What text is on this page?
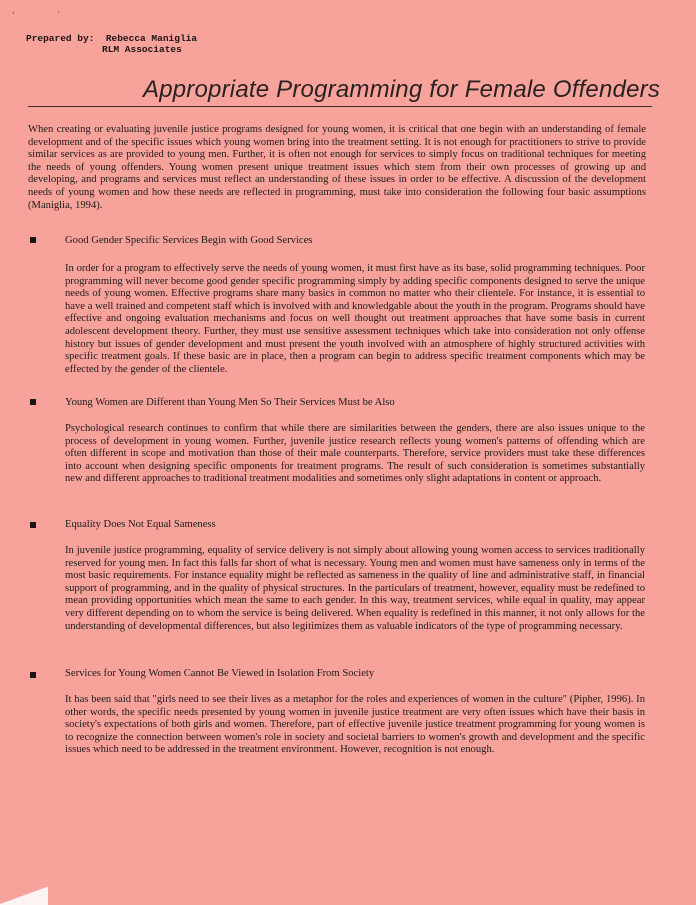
‘	'
Prepared by: Rebecca Maniglia
RLM Associates
Appropriate Programming for Female Offenders
When creating or evaluating juvenile justice programs designed for young women, it is critical that one begin with an understanding of female development and of the specific issues which young women bring into the treatment setting. It is not enough for practitioners to strive to provide similar services as are provided to young men. Further, it is often not enough for services to simply focus on traditional techniques for meeting the needs of young offenders. Young women present unique treatment issues which stem from their own processes of growing up and developing, and programs and services must reflect an understanding of these issues in order to be effective. A discussion of the development needs of young women and how these needs are reflected in programming, must take into consideration the following four basic assumptions (Maniglia, 1994).
Good Gender Specific Services Begin with Good Services
In order for a program to effectively serve the needs of young women, it must first have as its base, solid programming techniques. Poor programming will never become good gender specific programming simply by adding specific components designed to serve the unique needs of young women. Effective programs share many basics in common no matter who their clientele. For instance, it is essential to have a well trained and competent staff which is involved with and knowledgable about the youth in the program. Programs should have effective and ongoing evaluation mechanisms and focus on well thought out treatment approaches that have some basis in current adolescent development theory. Further, they must use sensitive assessment techniques which take into consideration not only offense history but issues of gender development and must present the youth involved with an atmosphere of highly structured activities with specific treatment goals. If these basic are in place, then a program can begin to address specific treatment components which may be effected by the gender of the clientele.
Young Women are Different than Young Men So Their Services Must be Also
Psychological research continues to confirm that while there are similarities between the genders, there are also issues unique to the process of development in young women. Further, juvenile justice research reflects young women's patterns of offending which are often different in scope and motivation than those of their male counterparts. Therefore, service providers must take these differences into account when designing specific omponents for treatment programs. The result of such consideration is sometimes substantially new and different approaches to traditional treatment modalities and sometimes only slight adaptations in content or approach.
Equality Does Not Equal Sameness
In juvenile justice programming, equality of service delivery is not simply about allowing young women access to services traditionally reserved for young men. In fact this falls far short of what is necessary. Young men and women must have sameness only in terms of the most basic requirements. For instance equality might be reflected as sameness in the quality of line and administrative staff, in financial support of programming, and in the quality of physical structures. In the particulars of treatment, however, equality must be redefined to mean providing opportunities which mean the same to each gender. In this way, treatment services, while equal in quality, may appear very different depending on to whom the service is being delivered. When equality is redefined in this manner, it not only allows for the understanding of developmental differences, but also legitimizes them as valuable indicators of the type of programming necessary.
Services for Young Women Cannot Be Viewed in Isolation From Society
It has been said that "girls need to see their lives as a metaphor for the roles and experiences of women in the culture" (Pipher, 1996). In other words, the specific needs presented by young women in juvenile justice treatment are very often issues which have their basis in society's expectations of both girls and women. Therefore, part of effective juvenile justice treatment programming for young women is to recognize the connection between women's role in society and societal barriers to women's growth and development and the specific issues which need to be addressed in the treatment environment. However, recognition is not enough.
